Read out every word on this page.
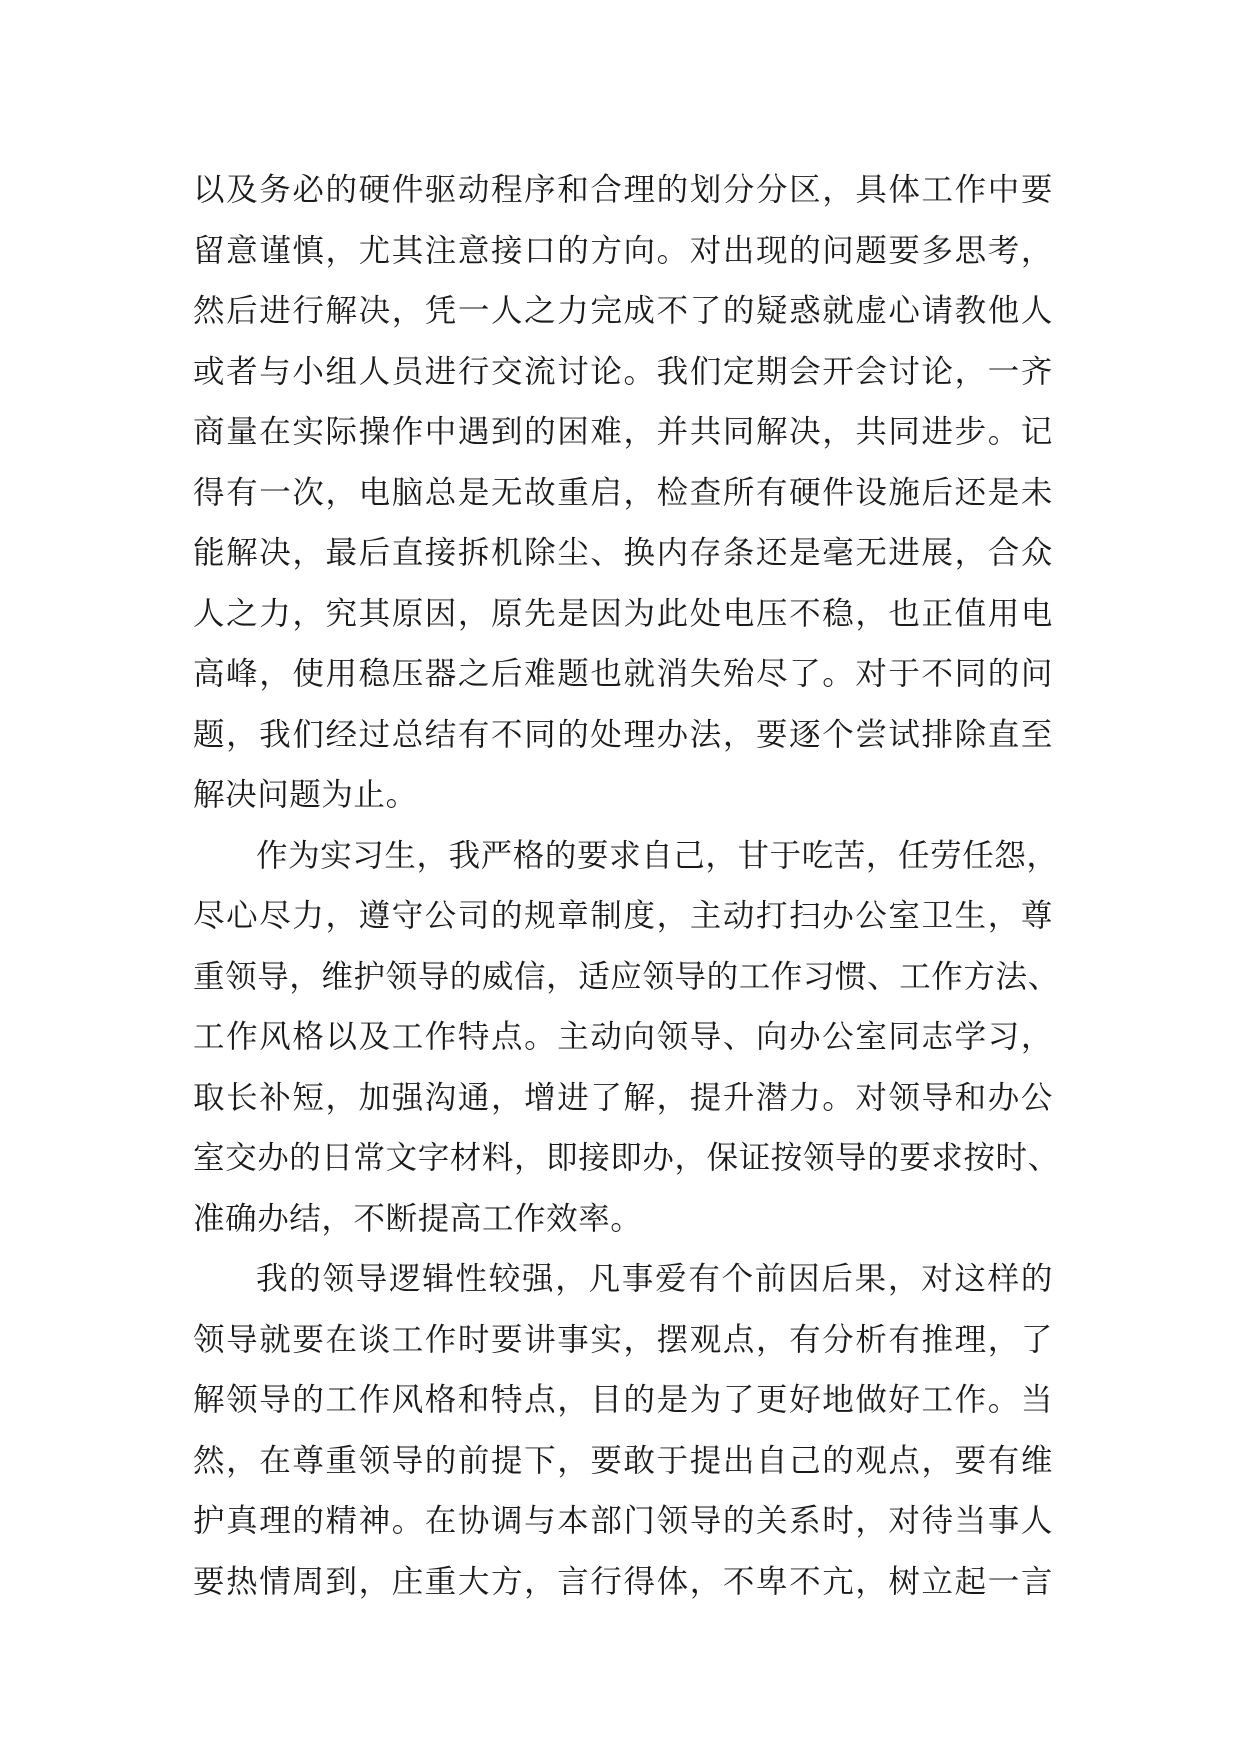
以及务必的硬件驱动程序和合理的划分分区，具体工作中要
留意谨慎，尤其注意接口的方向。对出现的问题要多思考，
然后进行解决，凭一人之力完成不了的疑惑就虚心请教他人
或者与小组人员进行交流讨论。我们定期会开会讨论，一齐
商量在实际操作中遇到的困难，并共同解决，共同进步。记
得有一次，电脑总是无故重启，检查所有硬件设施后还是未
能解决，最后直接拆机除尘、换内存条还是毫无进展，合众
人之力，究其原因，原先是因为此处电压不稳，也正值用电
高峰，使用稳压器之后难题也就消失殆尽了。对于不同的问
题，我们经过总结有不同的处理办法，要逐个尝试排除直至
解决问题为止。
作为实习生，我严格的要求自己，甘于吃苦，任劳任怨，
尽心尽力，遵守公司的规章制度，主动打扫办公室卫生，尊
重领导，维护领导的威信，适应领导的工作习惯、工作方法、
工作风格以及工作特点。主动向领导、向办公室同志学习，
取长补短，加强沟通，增进了解，提升潜力。对领导和办公
室交办的日常文字材料，即接即办，保证按领导的要求按时、
准确办结，不断提高工作效率。
我的领导逻辑性较强，凡事爱有个前因后果，对这样的
领导就要在谈工作时要讲事实，摆观点，有分析有推理，了
解领导的工作风格和特点，目的是为了更好地做好工作。当
然，在尊重领导的前提下，要敢于提出自己的观点，要有维
护真理的精神。在协调与本部门领导的关系时，对待当事人
要热情周到，庄重大方，言行得体，不卑不亢，树立起一言
